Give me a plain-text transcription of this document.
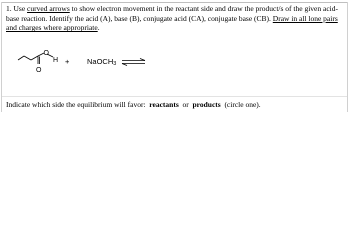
1. Use curved arrows to show electron movement in the reactant side and draw the product/s of the given acid-base reaction. Identify the acid (A), base (B), conjugate acid (CA), conjugate base (CB). Draw in all lone pairs and charges where appropriate.

O
H
O
+ NaOCH$_3$ ⇌
Indicate which side the equilibrium will favor: reactants or products (circle one).
